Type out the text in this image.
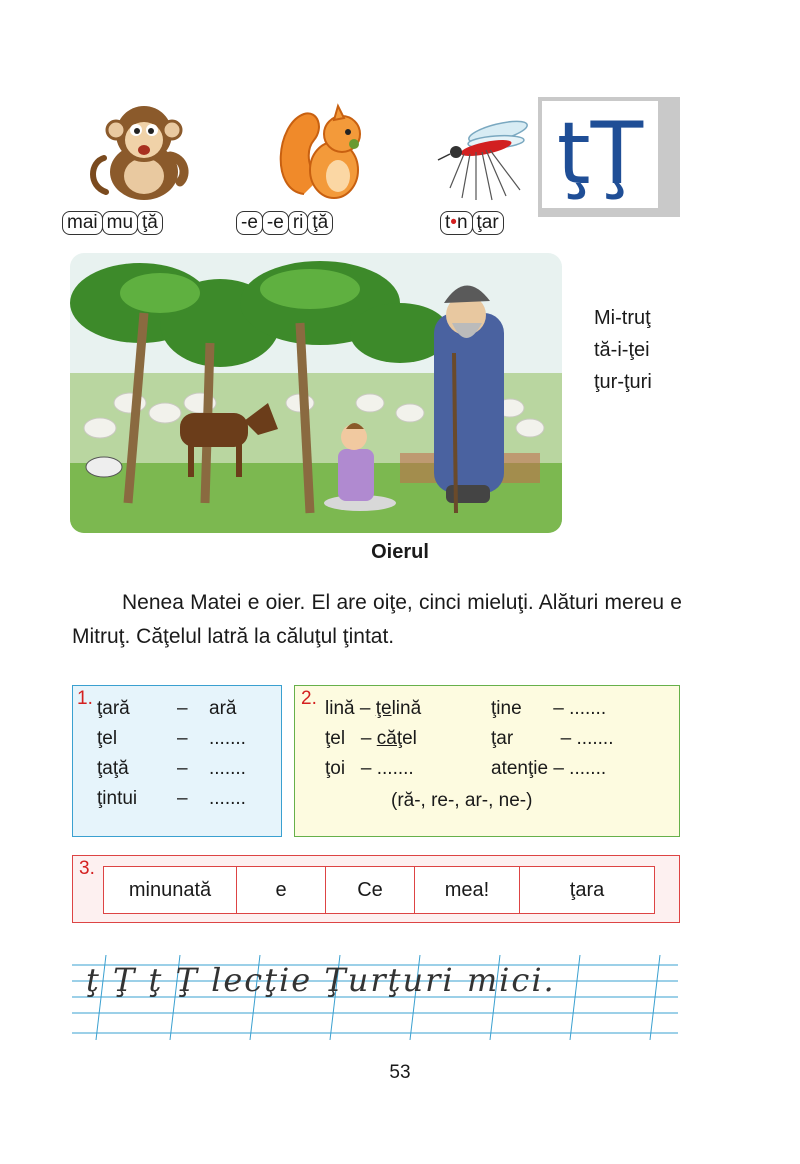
ţŢ
mai mu ţă	-e -e ri ţă	t•n ţar
Mi-truţ
tă-i-ţei
ţur-ţuri
Oierul
Nenea Matei e oier. El are oiţe, cinci mieluţi. Alături mereu e Mitruţ. Căţelul latră la căluţul ţintat.
1. ţară – ară
ţel	– .......
ţaţă	– .......
ţintui – .......
2. lină – ţelină	ţine      – .......
ţel   – căţel	ţar         – .......
ţoi   – .......	atenţie – .......
(ră-, re-, ar-, ne-)
3.
minunată	e	Ce	mea!	ţara
ţ Ţ ţ Ţ lecţie Ţurţuri mici.
53
